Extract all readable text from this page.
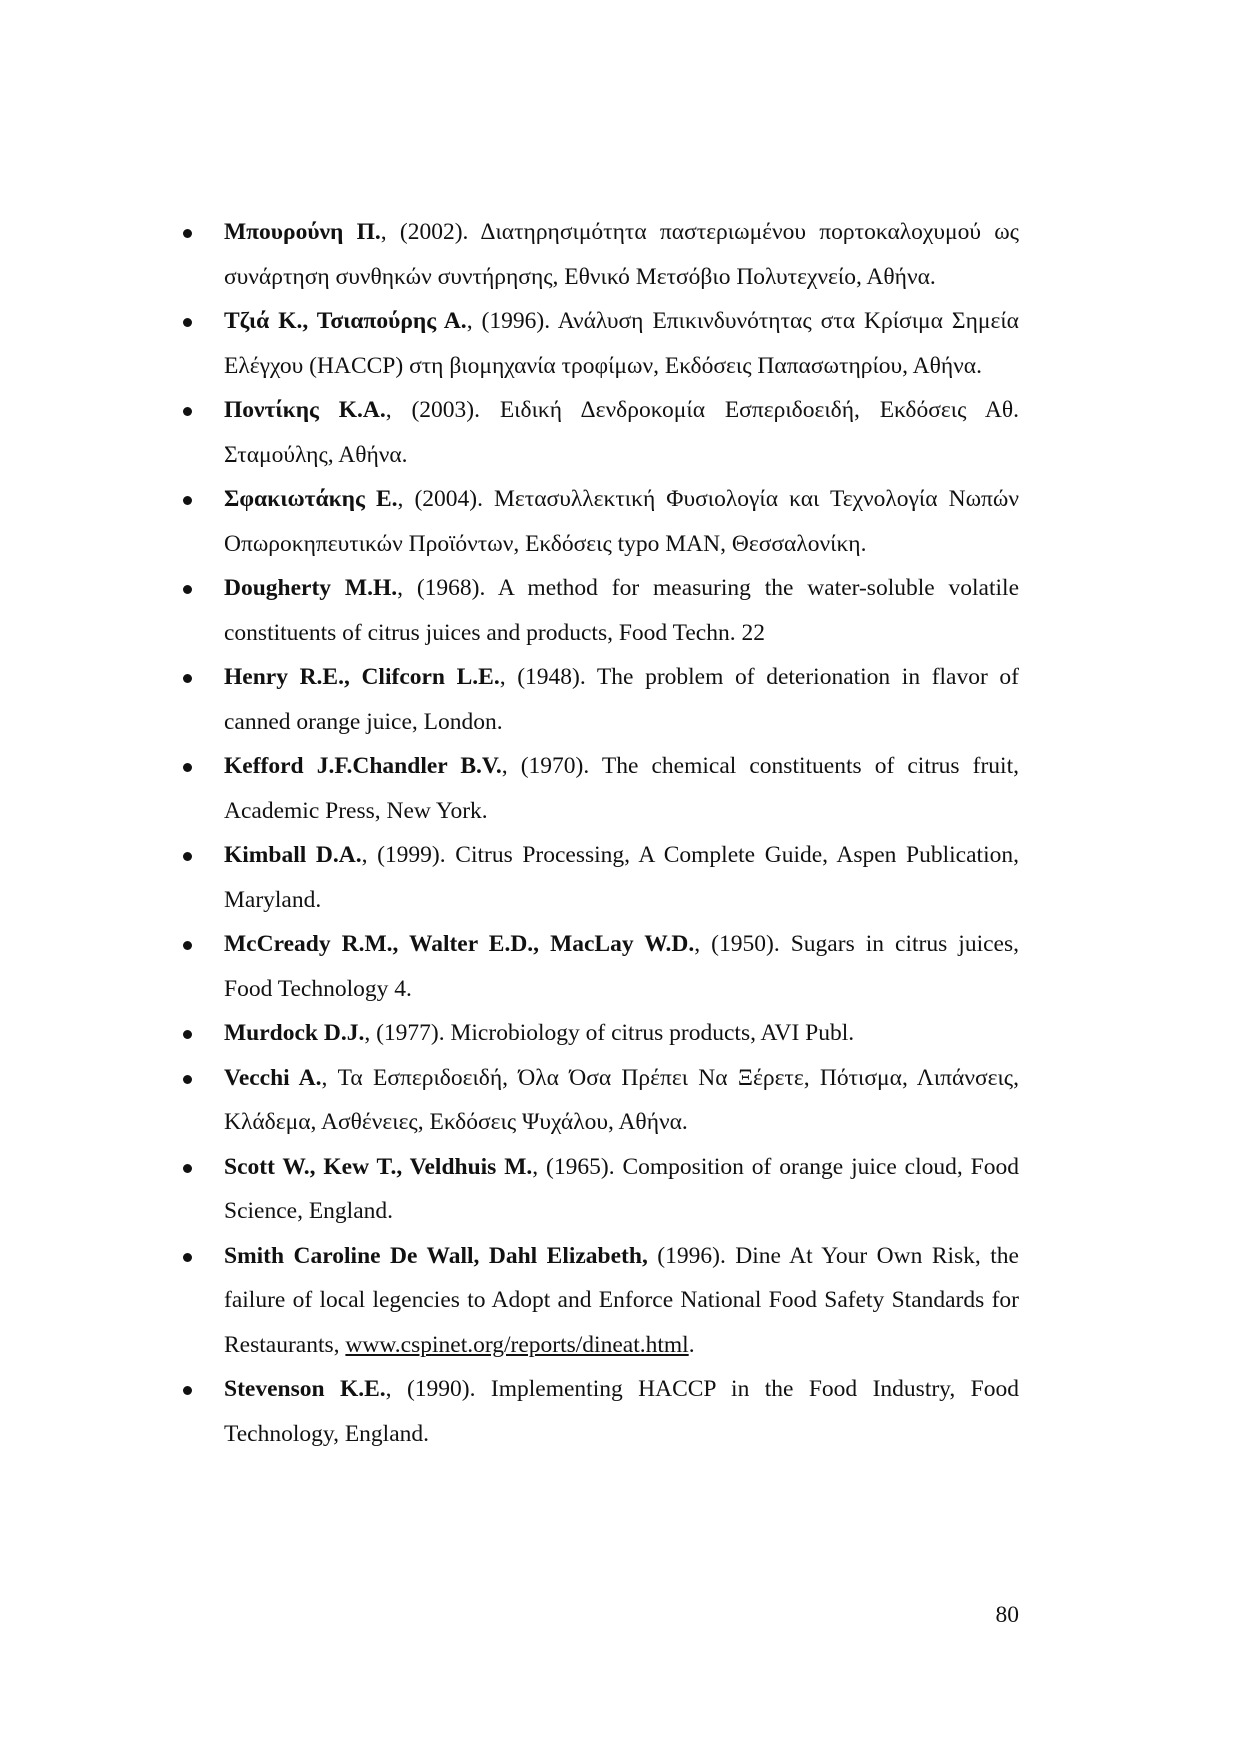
Μπουρούνη Π., (2002). Διατηρησιμότητα παστεριωμένου πορτοκαλοχυμού ως συνάρτηση συνθηκών συντήρησης, Εθνικό Μετσόβιο Πολυτεχνείο, Αθήνα.
Τζιά Κ., Τσιαπούρης Α., (1996). Ανάλυση Επικινδυνότητας στα Κρίσιμα Σημεία Ελέγχου (HACCP) στη βιομηχανία τροφίμων, Εκδόσεις Παπασωτηρίου, Αθήνα.
Ποντίκης Κ.Α., (2003). Ειδική Δενδροκομία Εσπεριδοειδή, Εκδόσεις Αθ. Σταμούλης, Αθήνα.
Σφακιωτάκης Ε., (2004). Μετασυλλεκτική Φυσιολογία και Τεχνολογία Νωπών Οπωροκηπευτικών Προϊόντων, Εκδόσεις typo MAN, Θεσσαλονίκη.
Dougherty M.H., (1968). A method for measuring the water-soluble volatile constituents of citrus juices and products, Food Techn. 22
Henry R.E., Clifcorn L.E., (1948). The problem of deterionation in flavor of canned orange juice, London.
Kefford J.F.Chandler B.V., (1970). The chemical constituents of citrus fruit, Academic Press, New York.
Kimball D.A., (1999). Citrus Processing, A Complete Guide, Aspen Publication, Maryland.
McCready R.M., Walter E.D., MacLay W.D., (1950). Sugars in citrus juices, Food Technology 4.
Murdock D.J., (1977). Microbiology of citrus products, AVI Publ.
Vecchi A., Τα Εσπεριδοειδή, Όλα Όσα Πρέπει Να Ξέρετε, Πότισμα, Λιπάνσεις, Κλάδεμα, Ασθένειες, Εκδόσεις Ψυχάλου, Αθήνα.
Scott W., Kew T., Veldhuis M., (1965). Composition of orange juice cloud, Food Science, England.
Smith Caroline De Wall, Dahl Elizabeth, (1996). Dine At Your Own Risk, the failure of local legencies to Adopt and Enforce National Food Safety Standards for Restaurants, www.cspinet.org/reports/dineat.html.
Stevenson K.E., (1990). Implementing HACCP in the Food Industry, Food Technology, England.
80
